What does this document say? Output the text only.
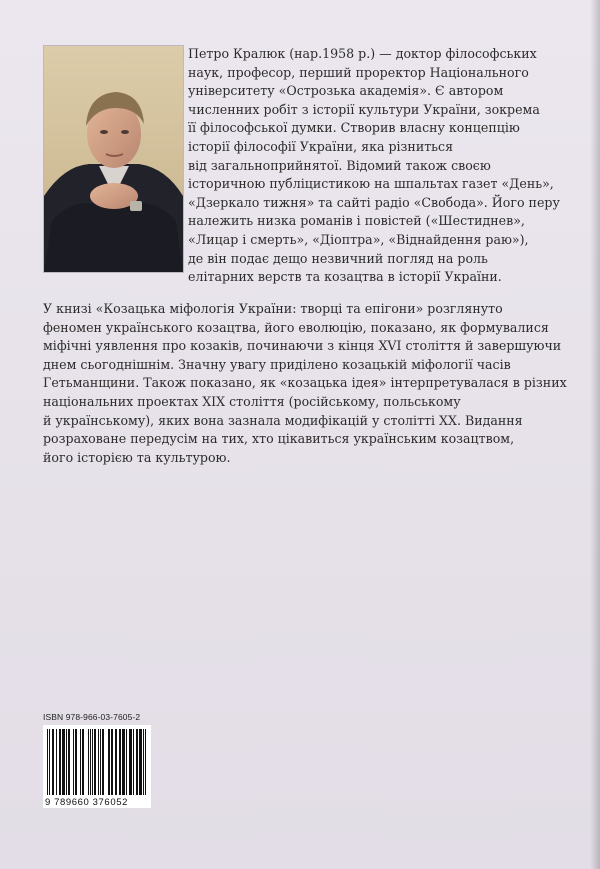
Петро Кралюк (нар.1958 р.) — доктор філософських
наук, професор, перший проректор Національного
університету «Острозька академія». Є автором
численних робіт з історії культури України, зокрема
її філософської думки. Створив власну концепцію
історії філософії України, яка різниться
від загальноприйнятої. Відомий також своєю
історичною публіцистикою на шпальтах газет «День»,
«Дзеркало тижня» та сайті радіо «Свобода». Його перу
належить низка романів і повістей («Шестиднев»,
«Лицар і смерть», «Діоптра», «Віднайдення раю»),
де він подає дещо незвичний погляд на роль
елітарних верств та козацтва в історії України.

У книзі «Козацька міфологія України: творці та епігони» розглянуто
феномен українського козацтва, його еволюцію, показано, як формувалися
міфічні уявлення про козаків, починаючи з кінця XVI століття й завершуючи
днем сьогоднішнім. Значну увагу приділено козацькій міфології часів
Гетьманщини. Також показано, як «козацька ідея» інтерпретувалася в різних
національних проектах XIX століття (російському, польському
й українському), яких вона зазнала модифікацій у столітті XX. Видання
розраховане передусім на тих, хто цікавиться українським козацтвом,
його історією та культурою.

ISBN 978-966-03-7605-2
9 789660 376052
